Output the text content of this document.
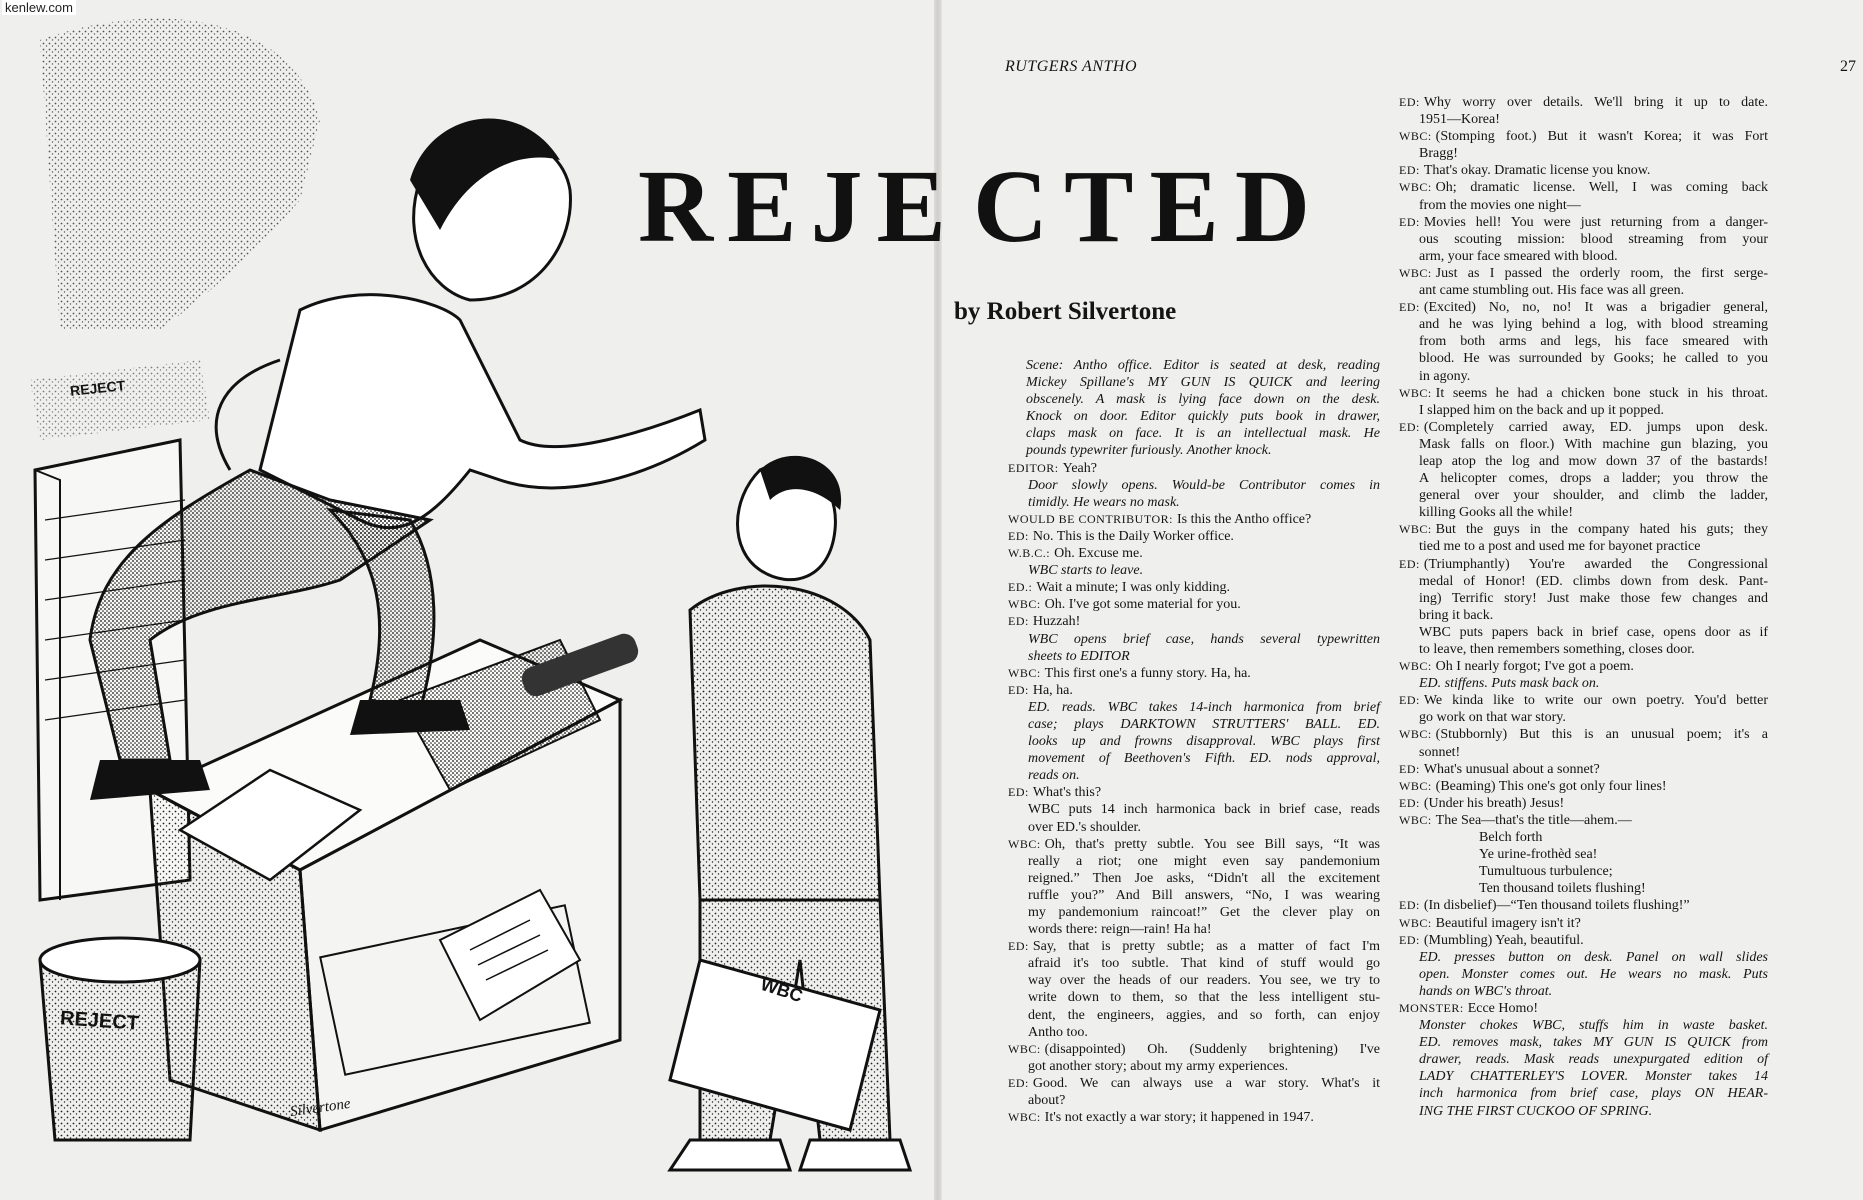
kenlew.com
REJECT
REJECT
WBC
Silvertone
RUTGERS ANTHO	27
REJE CTED
by Robert Silvertone
Scene: Antho office. Editor is seated at desk, reading
Mickey Spillane's MY GUN IS QUICK and leering
obscenely. A mask is lying face down on the desk.
Knock on door. Editor quickly puts book in drawer,
claps mask on face. It is an intellectual mask. He
pounds typewriter furiously. Another knock.
EDITOR: Yeah?
Door slowly opens. Would-be Contributor comes in
timidly. He wears no mask.
WOULD BE CONTRIBUTOR: Is this the Antho office?
ED: No. This is the Daily Worker office.
W.B.C.: Oh. Excuse me.
WBC starts to leave.
ED.: Wait a minute; I was only kidding.
WBC: Oh. I've got some material for you.
ED: Huzzah!
WBC opens brief case, hands several typewritten
sheets to EDITOR
WBC: This first one's a funny story. Ha, ha.
ED: Ha, ha.
ED. reads. WBC takes 14-inch harmonica from brief
case; plays DARKTOWN STRUTTERS' BALL. ED.
looks up and frowns disapproval. WBC plays first
movement of Beethoven's Fifth. ED. nods approval,
reads on.
ED: What's this?
WBC puts 14 inch harmonica back in brief case, reads
over ED.'s shoulder.
WBC: Oh, that's pretty subtle. You see Bill says, “It was
really a riot; one might even say pandemonium
reigned.” Then Joe asks, “Didn't all the excitement
ruffle you?” And Bill answers, “No, I was wearing
my pandemonium raincoat!” Get the clever play on
words there: reign—rain! Ha ha!
ED: Say, that is pretty subtle; as a matter of fact I'm
afraid it's too subtle. That kind of stuff would go
way over the heads of our readers. You see, we try to
write down to them, so that the less intelligent stu-
dent, the engineers, aggies, and so forth, can enjoy
Antho too.
WBC: (disappointed) Oh. (Suddenly brightening) I've
got another story; about my army experiences.
ED: Good. We can always use a war story. What's it
about?
WBC: It's not exactly a war story; it happened in 1947.
ED: Why worry over details. We'll bring it up to date.
1951—Korea!
WBC: (Stomping foot.) But it wasn't Korea; it was Fort
Bragg!
ED: That's okay. Dramatic license you know.
WBC: Oh; dramatic license. Well, I was coming back
from the movies one night—
ED: Movies hell! You were just returning from a danger-
ous scouting mission: blood streaming from your
arm, your face smeared with blood.
WBC: Just as I passed the orderly room, the first serge-
ant came stumbling out. His face was all green.
ED: (Excited) No, no, no! It was a brigadier general,
and he was lying behind a log, with blood streaming
from both arms and legs, his face smeared with
blood. He was surrounded by Gooks; he called to you
in agony.
WBC: It seems he had a chicken bone stuck in his throat.
I slapped him on the back and up it popped.
ED: (Completely carried away, ED. jumps upon desk.
Mask falls on floor.) With machine gun blazing, you
leap atop the log and mow down 37 of the bastards!
A helicopter comes, drops a ladder; you throw the
general over your shoulder, and climb the ladder,
killing Gooks all the while!
WBC: But the guys in the company hated his guts; they
tied me to a post and used me for bayonet practice
ED: (Triumphantly) You're awarded the Congressional
medal of Honor! (ED. climbs down from desk. Pant-
ing) Terrific story! Just make those few changes and
bring it back.
WBC puts papers back in brief case, opens door as if
to leave, then remembers something, closes door.
WBC: Oh I nearly forgot; I've got a poem.
ED. stiffens. Puts mask back on.
ED: We kinda like to write our own poetry. You'd better
go work on that war story.
WBC: (Stubbornly) But this is an unusual poem; it's a
sonnet!
ED: What's unusual about a sonnet?
WBC: (Beaming) This one's got only four lines!
ED: (Under his breath) Jesus!
WBC: The Sea—that's the title—ahem.—
Belch forth
Ye urine-frothèd sea!
Tumultuous turbulence;
Ten thousand toilets flushing!
ED: (In disbelief)—“Ten thousand toilets flushing!”
WBC: Beautiful imagery isn't it?
ED: (Mumbling) Yeah, beautiful.
ED. presses button on desk. Panel on wall slides
open. Monster comes out. He wears no mask. Puts
hands on WBC's throat.
MONSTER: Ecce Homo!
Monster chokes WBC, stuffs him in waste basket.
ED. removes mask, takes MY GUN IS QUICK from
drawer, reads. Mask reads unexpurgated edition of
LADY CHATTERLEY'S LOVER. Monster takes 14
inch harmonica from brief case, plays ON HEAR-
ING THE FIRST CUCKOO OF SPRING.
